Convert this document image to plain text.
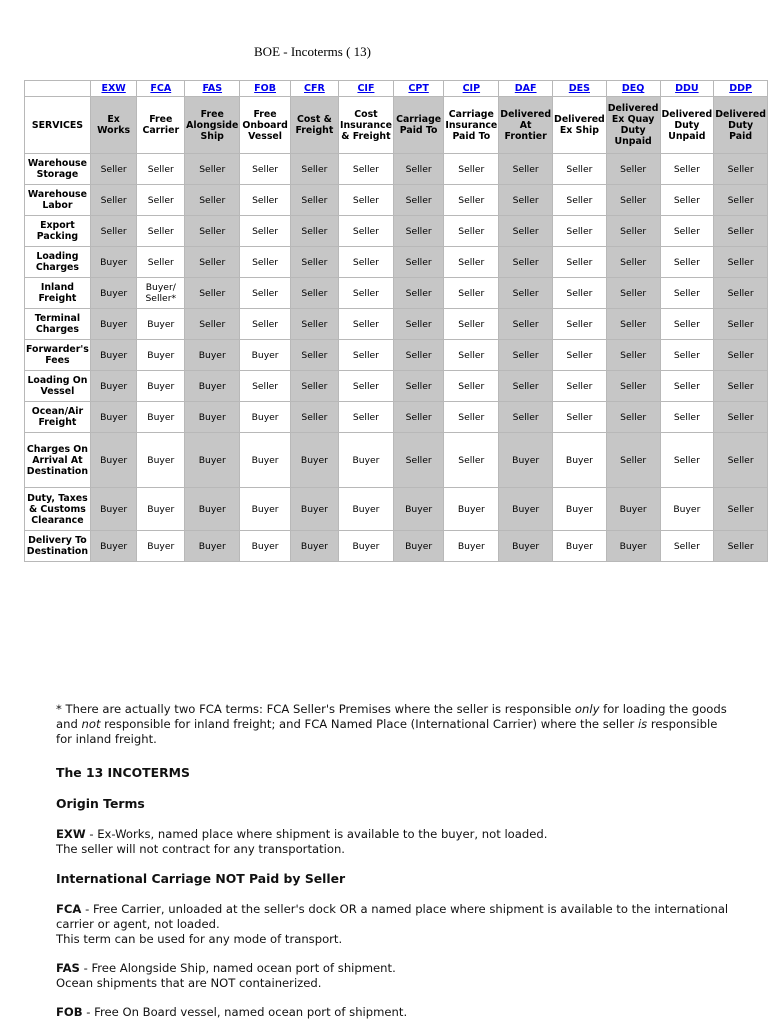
BOE - Incoterms ( 13)
	EXW	FCA	FAS	FOB	CFR	CIF	CPT	CIP	DAF	DES	DEQ	DDU	DDP
SERVICES	Ex Works	Free Carrier	Free Alongside Ship	Free Onboard Vessel	Cost & Freight	Cost Insurance & Freight	Carriage Paid To	Carriage Insurance Paid To	Delivered At Frontier	Delivered Ex Ship	Delivered Ex Quay Duty Unpaid	Delivered Duty Unpaid	Delivered Duty Paid
Warehouse Storage	Seller	Seller	Seller	Seller	Seller	Seller	Seller	Seller	Seller	Seller	Seller	Seller	Seller
Warehouse Labor	Seller	Seller	Seller	Seller	Seller	Seller	Seller	Seller	Seller	Seller	Seller	Seller	Seller
Export Packing	Seller	Seller	Seller	Seller	Seller	Seller	Seller	Seller	Seller	Seller	Seller	Seller	Seller
Loading Charges	Buyer	Seller	Seller	Seller	Seller	Seller	Seller	Seller	Seller	Seller	Seller	Seller	Seller
Inland Freight	Buyer	Buyer/ Seller*	Seller	Seller	Seller	Seller	Seller	Seller	Seller	Seller	Seller	Seller	Seller
Terminal Charges	Buyer	Buyer	Seller	Seller	Seller	Seller	Seller	Seller	Seller	Seller	Seller	Seller	Seller
Forwarder's Fees	Buyer	Buyer	Buyer	Buyer	Seller	Seller	Seller	Seller	Seller	Seller	Seller	Seller	Seller
Loading On Vessel	Buyer	Buyer	Buyer	Seller	Seller	Seller	Seller	Seller	Seller	Seller	Seller	Seller	Seller
Ocean/Air Freight	Buyer	Buyer	Buyer	Buyer	Seller	Seller	Seller	Seller	Seller	Seller	Seller	Seller	Seller
Charges On Arrival At Destination	Buyer	Buyer	Buyer	Buyer	Buyer	Buyer	Seller	Seller	Buyer	Buyer	Seller	Seller	Seller
Duty, Taxes & Customs Clearance	Buyer	Buyer	Buyer	Buyer	Buyer	Buyer	Buyer	Buyer	Buyer	Buyer	Buyer	Buyer	Seller
Delivery To Destination	Buyer	Buyer	Buyer	Buyer	Buyer	Buyer	Buyer	Buyer	Buyer	Buyer	Buyer	Seller	Seller

* There are actually two FCA terms: FCA Seller's Premises where the seller is responsible only for loading the goods and not responsible for inland freight; and FCA Named Place (International Carrier) where the seller is responsible for inland freight.

The 13 INCOTERMS

Origin Terms

EXW - Ex-Works, named place where shipment is available to the buyer, not loaded.
The seller will not contract for any transportation.

International Carriage NOT Paid by Seller

FCA - Free Carrier, unloaded at the seller's dock OR a named place where shipment is available to the international carrier or agent, not loaded.
This term can be used for any mode of transport.

FAS - Free Alongside Ship, named ocean port of shipment.
Ocean shipments that are NOT containerized.

FOB - Free On Board vessel, named ocean port of shipment.
